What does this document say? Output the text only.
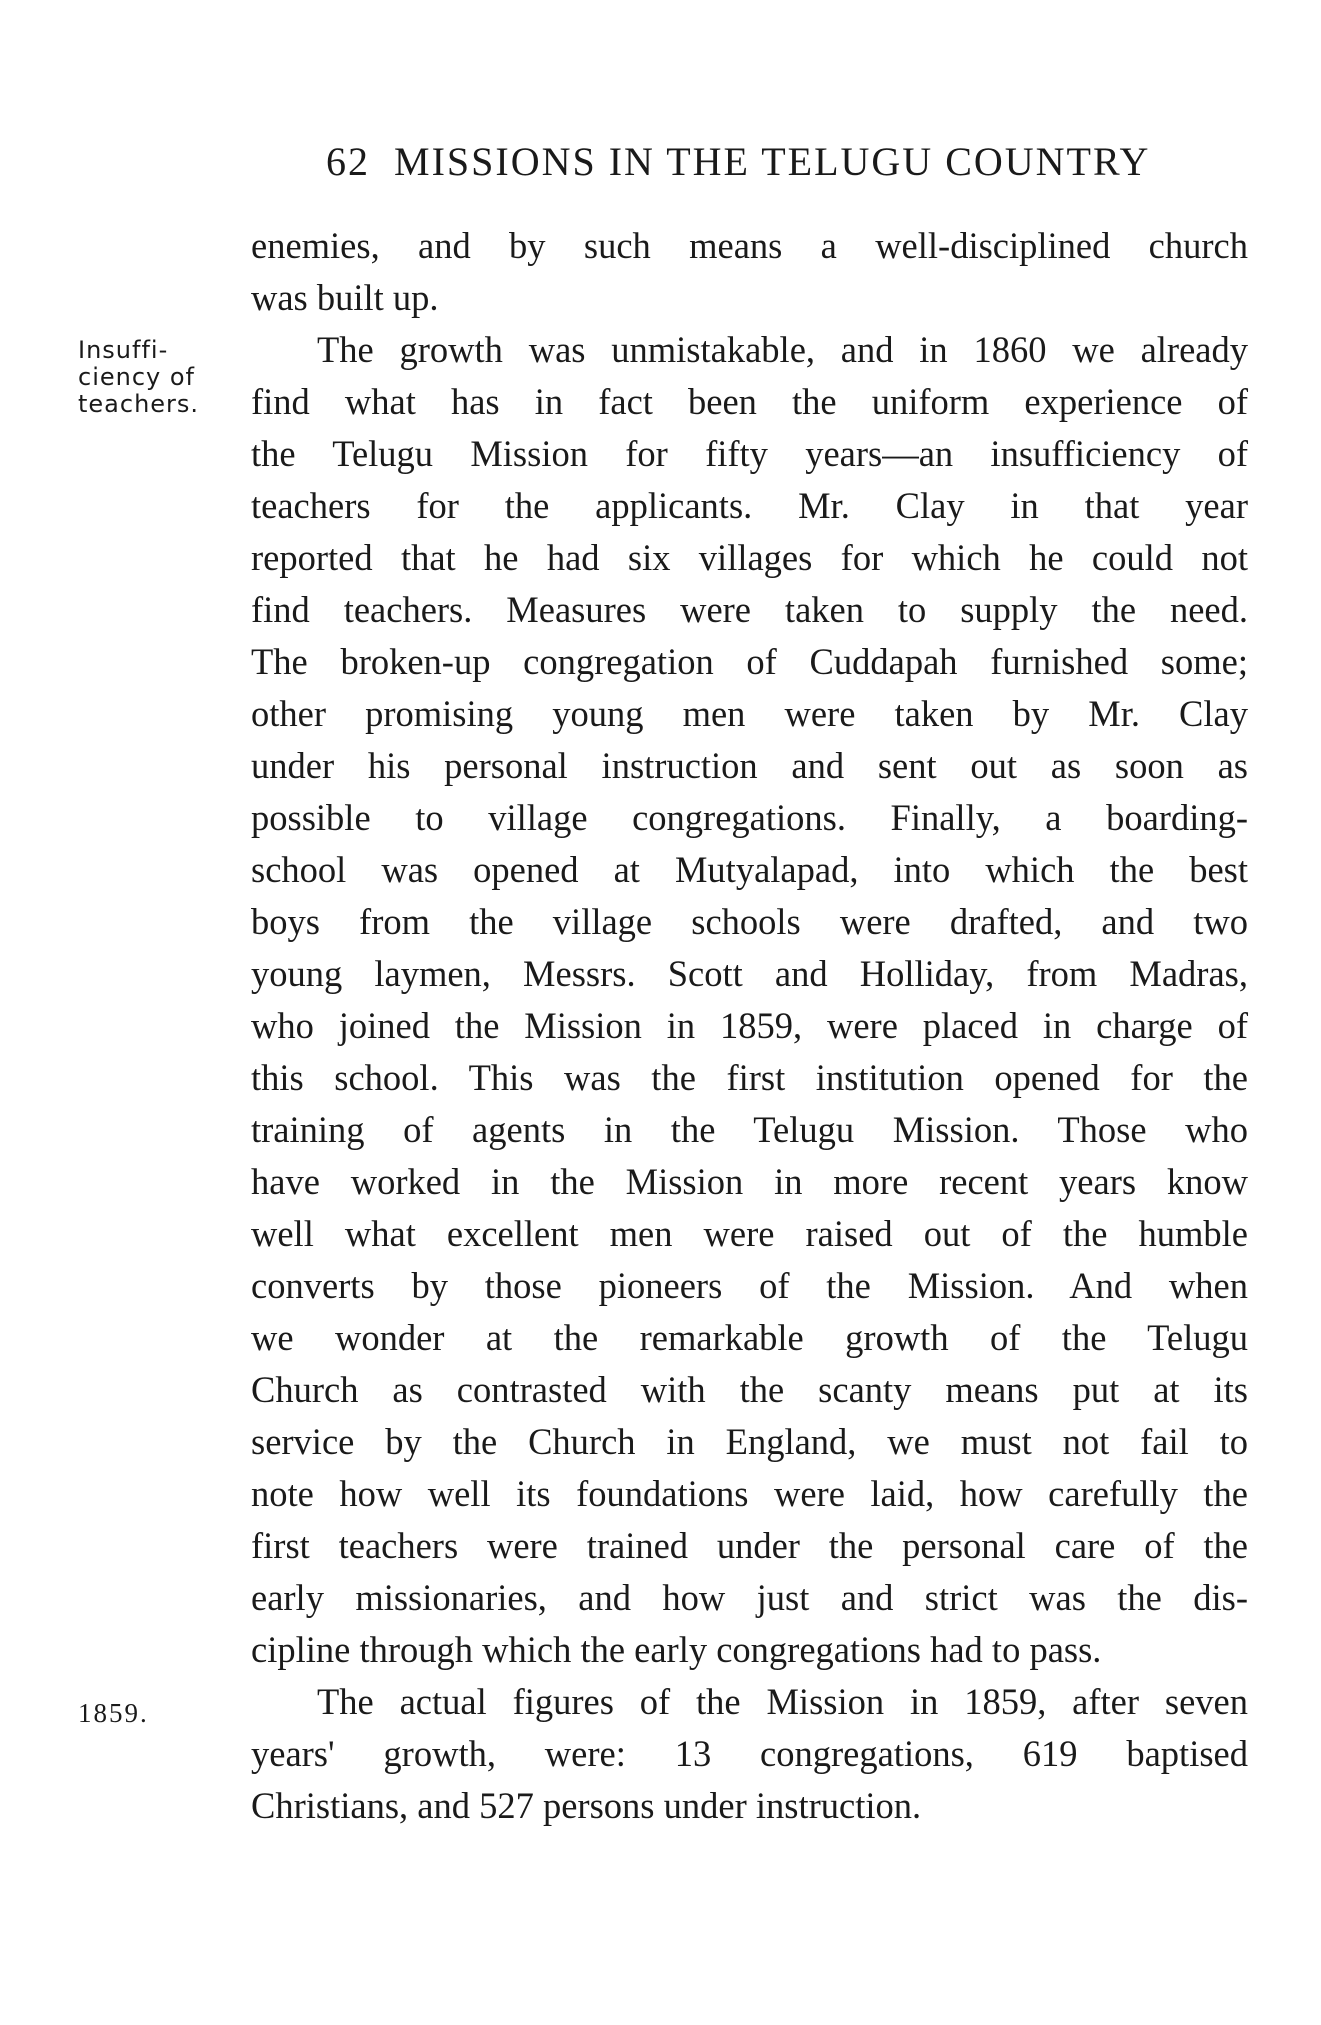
62 MISSIONS IN THE TELUGU COUNTRY
Insuffi-
ciency of
teachers.
1859.
enemies, and by such means a well-disciplined church
was built up.
The growth was unmistakable, and in 1860 we already
find what has in fact been the uniform experience of
the Telugu Mission for fifty years—an insufficiency of
teachers for the applicants. Mr. Clay in that year
reported that he had six villages for which he could not
find teachers. Measures were taken to supply the need.
The broken-up congregation of Cuddapah furnished some;
other promising young men were taken by Mr. Clay
under his personal instruction and sent out as soon as
possible to village congregations. Finally, a boarding-
school was opened at Mutyalapad, into which the best
boys from the village schools were drafted, and two
young laymen, Messrs. Scott and Holliday, from Madras,
who joined the Mission in 1859, were placed in charge of
this school. This was the first institution opened for the
training of agents in the Telugu Mission. Those who
have worked in the Mission in more recent years know
well what excellent men were raised out of the humble
converts by those pioneers of the Mission. And when
we wonder at the remarkable growth of the Telugu
Church as contrasted with the scanty means put at its
service by the Church in England, we must not fail to
note how well its foundations were laid, how carefully the
first teachers were trained under the personal care of the
early missionaries, and how just and strict was the dis-
cipline through which the early congregations had to pass.
The actual figures of the Mission in 1859, after seven
years' growth, were: 13 congregations, 619 baptised
Christians, and 527 persons under instruction.
